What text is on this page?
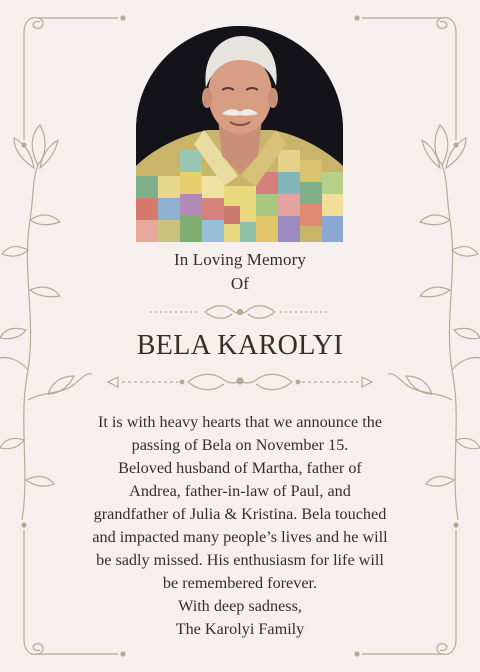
In Loving Memory
Of
BELA KAROLYI
It is with heavy hearts that we announce the
passing of Bela on November 15.
Beloved husband of Martha, father of
Andrea, father-in-law of Paul, and
grandfather of Julia & Kristina. Bela touched
and impacted many people’s lives and he will
be sadly missed. His enthusiasm for life will
be remembered forever.
With deep sadness,
The Karolyi Family
